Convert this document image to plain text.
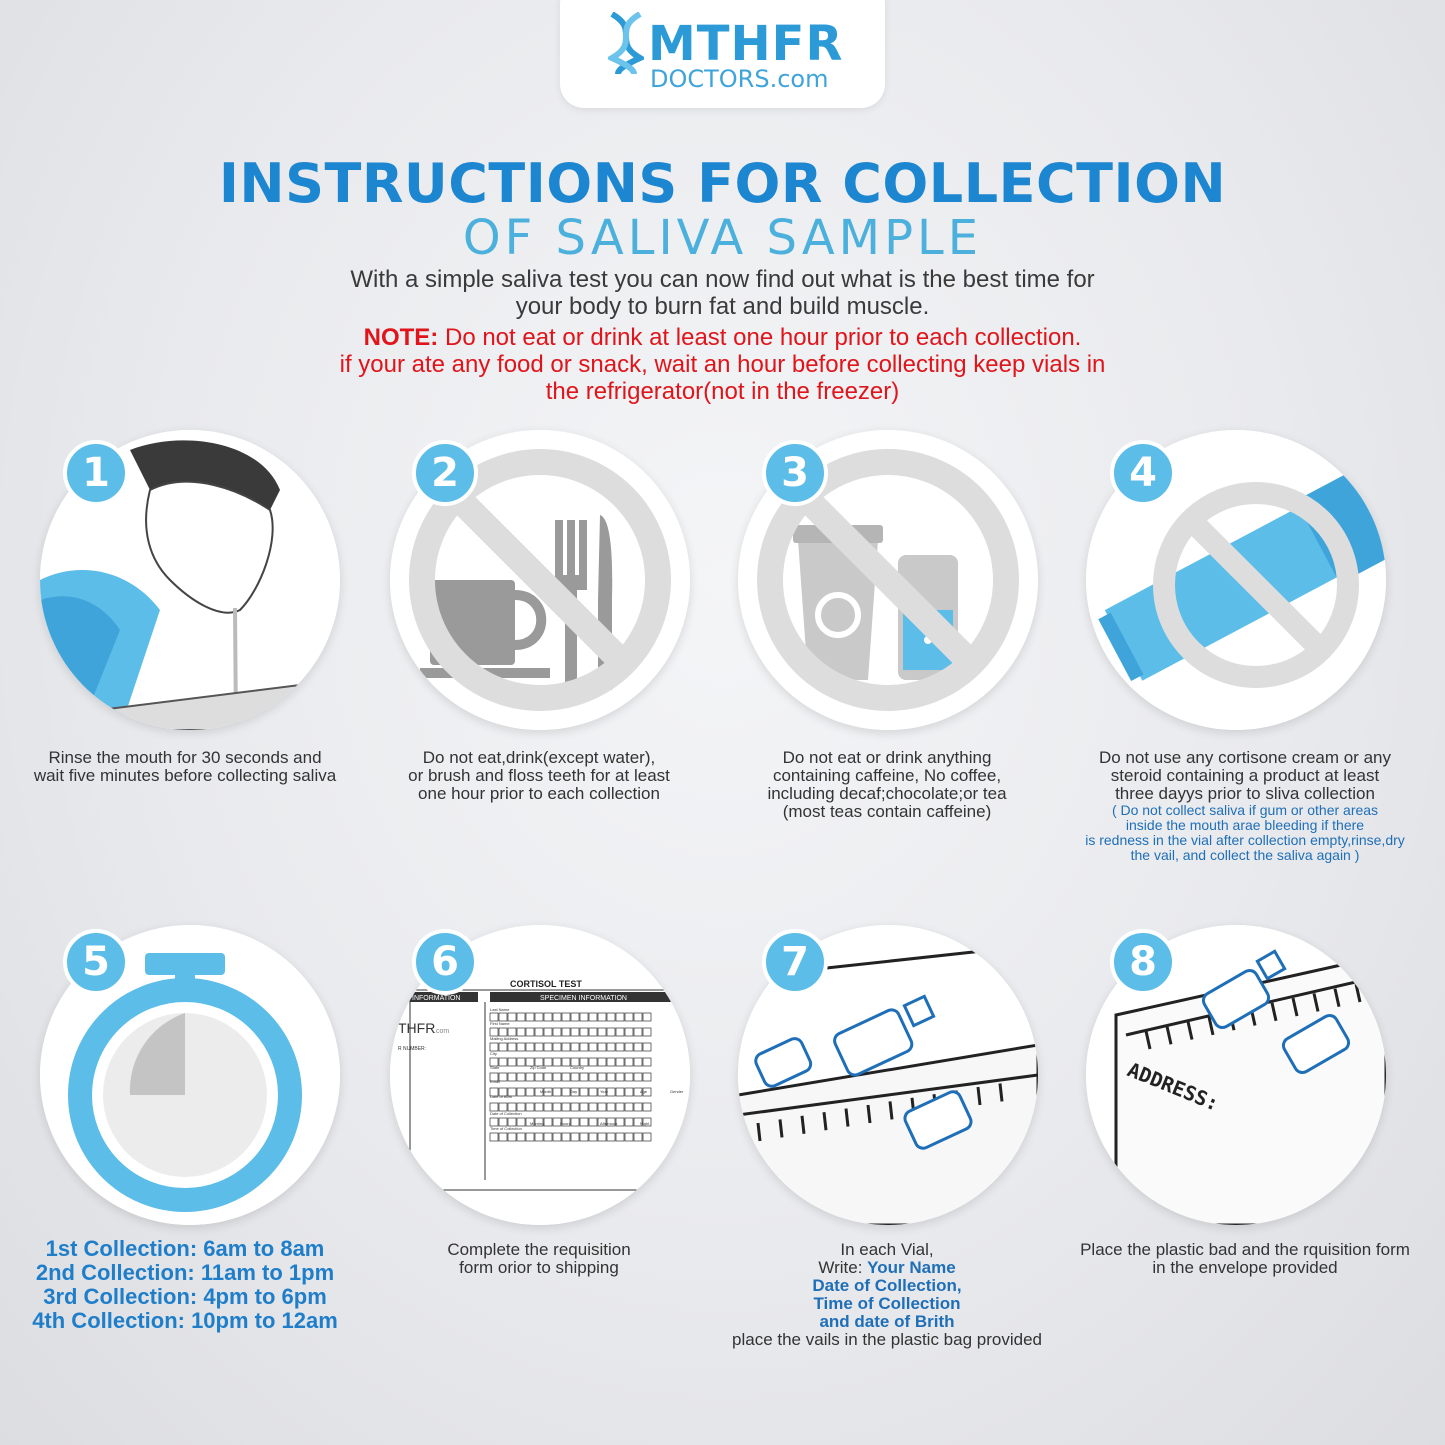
MTHFR
DOCTORS.com
INSTRUCTIONS FOR COLLECTION
OF SALIVA SAMPLE
With a simple saliva test you can now find out what is the best time for
your body to burn fat and build muscle.
NOTE: Do not eat or drink at least one hour prior to each collection.
if your ate any food or snack, wait an hour before collecting keep vials in
the refrigerator(not in the freezer)
1
Rinse the mouth for 30 seconds and
wait five minutes before collecting saliva
2
Do not eat,drink(except water),
or brush and floss teeth for at least
one hour prior to each collection
3
Do not eat or drink anything
containing caffeine, No coffee,
including decaf;chocolate;or tea
(most teas contain caffeine)
4
Do not use any cortisone cream or any
steroid containing a product at least
three dayys prior to sliva collection
( Do not collect saliva if gum or other areas
inside the mouth arae bleeding if there
is redness in the vial after collection empty,rinse,dry
the vail, and collect the saliva again )
5
1st Collection: 6am to 8am
2nd Collection: 11am to 1pm
3rd Collection: 4pm to 6pm
4th Collection: 10pm to 12am
CORTISOL TEST
INFORMATION	SPECIMEN INFORMATION
THFR
.com
R NUMBER:
Last Name
First Name
Mailing Address
City
State	Zip Code	Country
Email
Date of Birth
Month	Day	Year	Age	Gender
Date of Collection
Time of Collection
Morning	Noon	Afternoon	Night
6
Complete the requisition
form orior to shipping
7
In each Vial,
Write: Your Name
Date of Collection,
Time of Collection
and date of Brith
place the vails in the plastic bag provided
ADDRESS:
8
Place the plastic bad and the rquisition form
in the envelope provided
